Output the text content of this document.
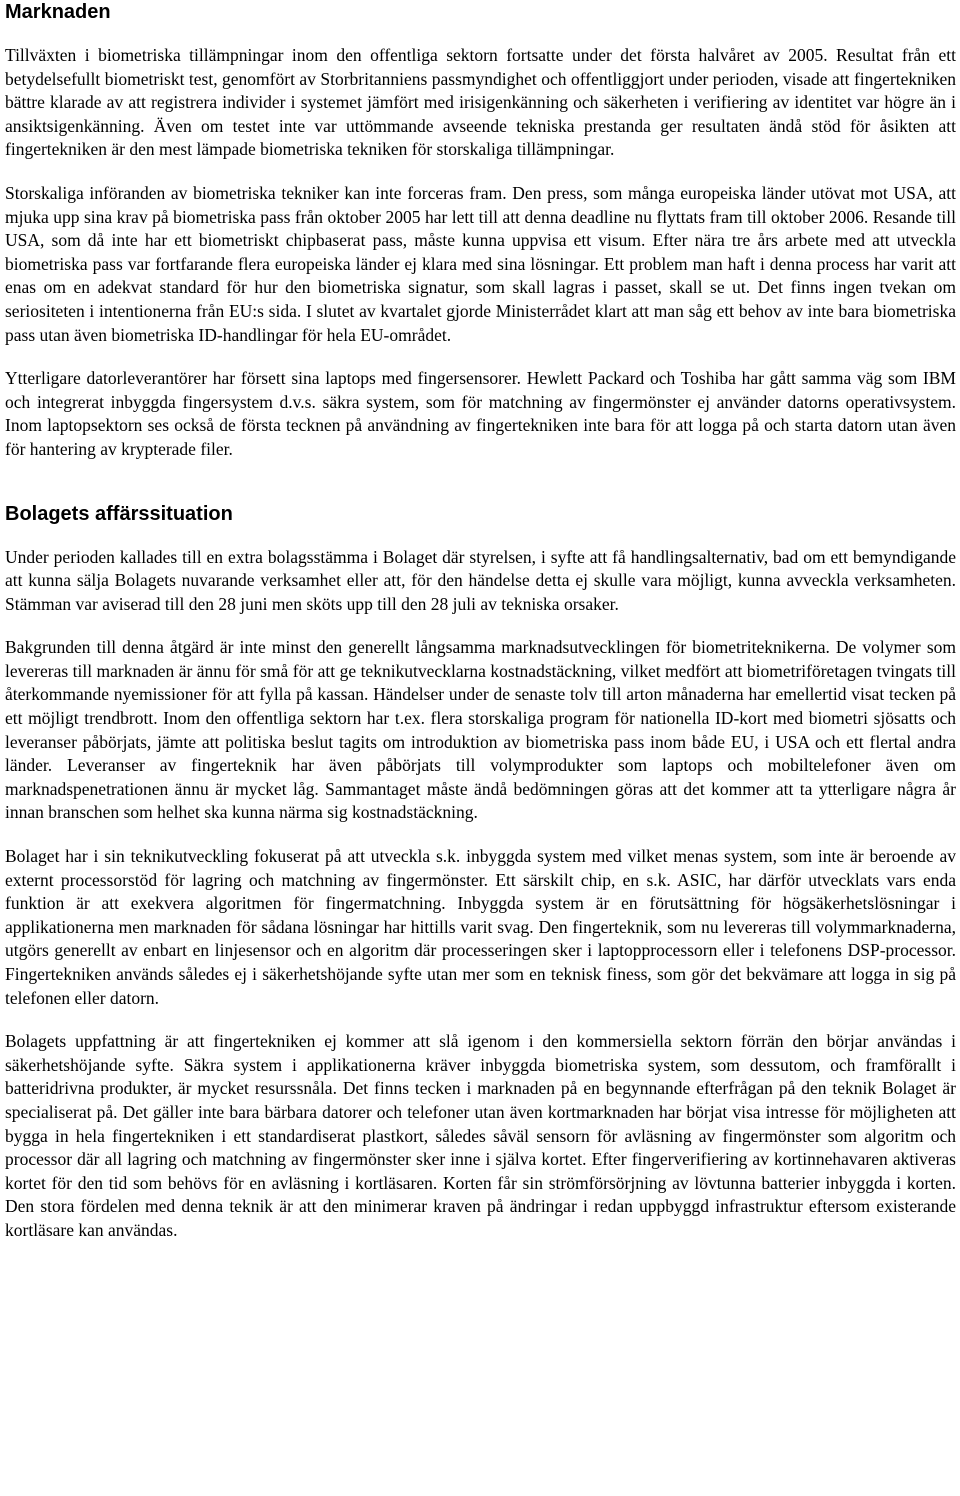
Marknaden

Tillväxten i biometriska tillämpningar inom den offentliga sektorn fortsatte under det första halvåret av 2005. Resultat från ett betydelsefullt biometriskt test, genomfört av Storbritanniens passmyndighet och offentliggjort under perioden, visade att fingertekniken bättre klarade av att registrera individer i systemet jämfört med irisigenkänning och säkerheten i verifiering av identitet var högre än i ansiktsigenkänning. Även om testet inte var uttömmande avseende tekniska prestanda ger resultaten ändå stöd för åsikten att fingertekniken är den mest lämpade biometriska tekniken för storskaliga tillämpningar.

Storskaliga införanden av biometriska tekniker kan inte forceras fram. Den press, som många europeiska länder utövat mot USA, att mjuka upp sina krav på biometriska pass från oktober 2005 har lett till att denna deadline nu flyttats fram till oktober 2006. Resande till USA, som då inte har ett biometriskt chipbaserat pass, måste kunna uppvisa ett visum. Efter nära tre års arbete med att utveckla biometriska pass var fortfarande flera europeiska länder ej klara med sina lösningar. Ett problem man haft i denna process har varit att enas om en adekvat standard för hur den biometriska signatur, som skall lagras i passet, skall se ut. Det finns ingen tvekan om seriositeten i intentionerna från EU:s sida. I slutet av kvartalet gjorde Ministerrådet klart att man såg ett behov av inte bara biometriska pass utan även biometriska ID-handlingar för hela EU-området.

Ytterligare datorleverantörer har försett sina laptops med fingersensorer. Hewlett Packard och Toshiba har gått samma väg som IBM och integrerat inbyggda fingersystem d.v.s. säkra system, som för matchning av fingermönster ej använder datorns operativsystem. Inom laptopsektorn ses också de första tecknen på användning av fingertekniken inte bara för att logga på och starta datorn utan även för hantering av krypterade filer.

Bolagets affärssituation

Under perioden kallades till en extra bolagsstämma i Bolaget där styrelsen, i syfte att få handlingsalternativ, bad om ett bemyndigande att kunna sälja Bolagets nuvarande verksamhet eller att, för den händelse detta ej skulle vara möjligt, kunna avveckla verksamheten. Stämman var aviserad till den 28 juni men sköts upp till den 28 juli av tekniska orsaker.

Bakgrunden till denna åtgärd är inte minst den generellt långsamma marknadsutvecklingen för biometriteknikerna. De volymer som levereras till marknaden är ännu för små för att ge teknikutvecklarna kostnadstäckning, vilket medfört att biometriföretagen tvingats till återkommande nyemissioner för att fylla på kassan. Händelser under de senaste tolv till arton månaderna har emellertid visat tecken på ett möjligt trendbrott. Inom den offentliga sektorn har t.ex. flera storskaliga program för nationella ID-kort med biometri sjösatts och leveranser påbörjats, jämte att politiska beslut tagits om introduktion av biometriska pass inom både EU, i USA och ett flertal andra länder. Leveranser av fingerteknik har även påbörjats till volymprodukter som laptops och mobiltelefoner även om marknadspenetrationen ännu är mycket låg. Sammantaget måste ändå bedömningen göras att det kommer att ta ytterligare några år innan branschen som helhet ska kunna närma sig kostnadstäckning.

Bolaget har i sin teknikutveckling fokuserat på att utveckla s.k. inbyggda system med vilket menas system, som inte är beroende av externt processorstöd för lagring och matchning av fingermönster. Ett särskilt chip, en s.k. ASIC, har därför utvecklats vars enda funktion är att exekvera algoritmen för fingermatchning. Inbyggda system är en förutsättning för högsäkerhetslösningar i applikationerna men marknaden för sådana lösningar har hittills varit svag. Den fingerteknik, som nu levereras till volymmarknaderna, utgörs generellt av enbart en linjesensor och en algoritm där processeringen sker i laptopprocessorn eller i telefonens DSP-processor. Fingertekniken används således ej i säkerhetshöjande syfte utan mer som en teknisk finess, som gör det bekvämare att logga in sig på telefonen eller datorn.

Bolagets uppfattning är att fingertekniken ej kommer att slå igenom i den kommersiella sektorn förrän den börjar användas i säkerhetshöjande syfte. Säkra system i applikationerna kräver inbyggda biometriska system, som dessutom, och framförallt i batteridrivna produkter, är mycket resurssnåla. Det finns tecken i marknaden på en begynnande efterfrågan på den teknik Bolaget är specialiserat på. Det gäller inte bara bärbara datorer och telefoner utan även kortmarknaden har börjat visa intresse för möjligheten att bygga in hela fingertekniken i ett standardiserat plastkort, således såväl sensorn för avläsning av fingermönster som algoritm och processor där all lagring och matchning av fingermönster sker inne i själva kortet. Efter fingerverifiering av kortinnehavaren aktiveras kortet för den tid som behövs för en avläsning i kortläsaren. Korten får sin strömförsörjning av lövtunna batterier inbyggda i korten. Den stora fördelen med denna teknik är att den minimerar kraven på ändringar i redan uppbyggd infrastruktur eftersom existerande kortläsare kan användas.
